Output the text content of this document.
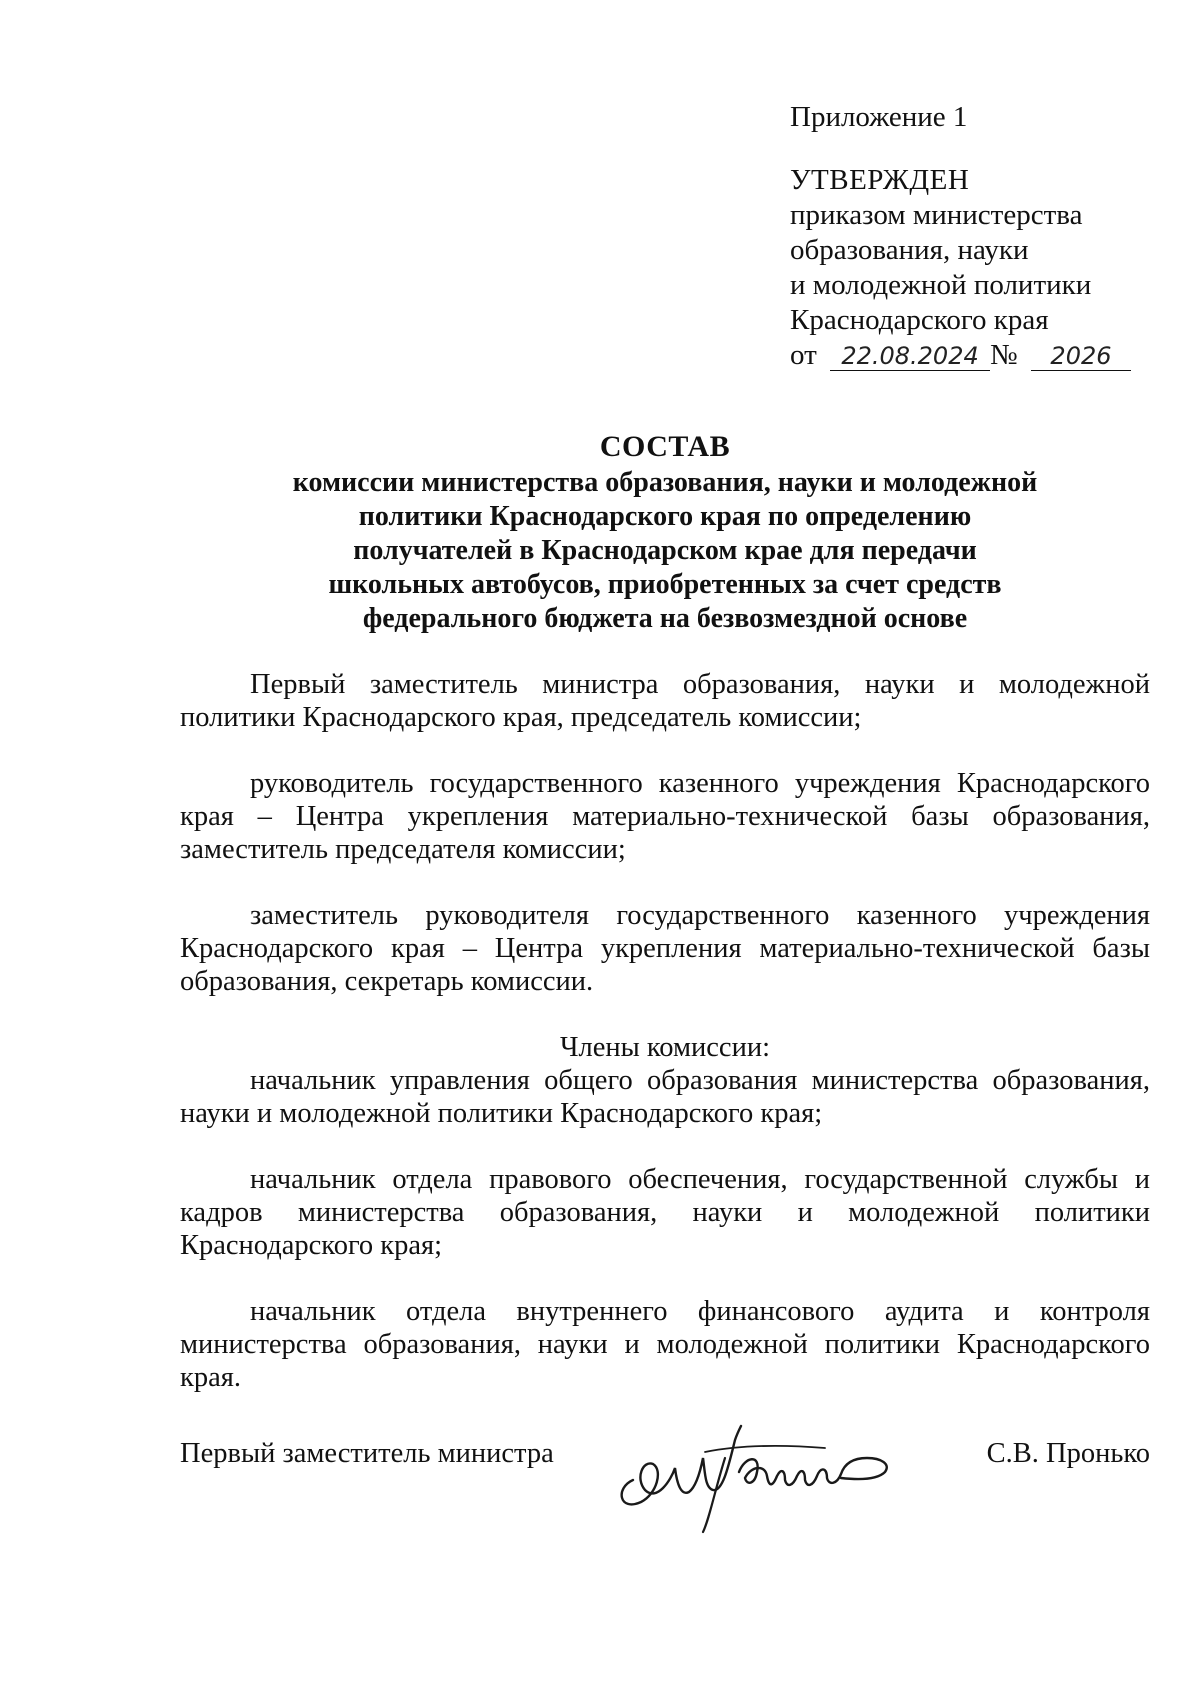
Приложение 1
УТВЕРЖДЕН
приказом министерства
образования, науки
и молодежной политики
Краснодарского края
от 22.08.2024 № 2026
СОСТАВ
комиссии министерства образования, науки и молодежной
политики Краснодарского края по определению
получателей в Краснодарском крае для передачи
школьных автобусов, приобретенных за счет средств
федерального бюджета на безвозмездной основе

Первый заместитель министра образования, науки и молодежной политики Краснодарского края, председатель комиссии;

руководитель государственного казенного учреждения Краснодарского края – Центра укрепления материально-технической базы образования, заместитель председателя комиссии;

заместитель руководителя государственного казенного учреждения Краснодарского края – Центра укрепления материально-технической базы образования, секретарь комиссии.

Члены комиссии:

начальник управления общего образования министерства образования, науки и молодежной политики Краснодарского края;

начальник отдела правового обеспечения, государственной службы и кадров министерства образования, науки и молодежной политики Краснодарского края;

начальник отдела внутреннего финансового аудита и контроля министерства образования, науки и молодежной политики Краснодарского края.

Первый заместитель министра	С.В. Пронько
